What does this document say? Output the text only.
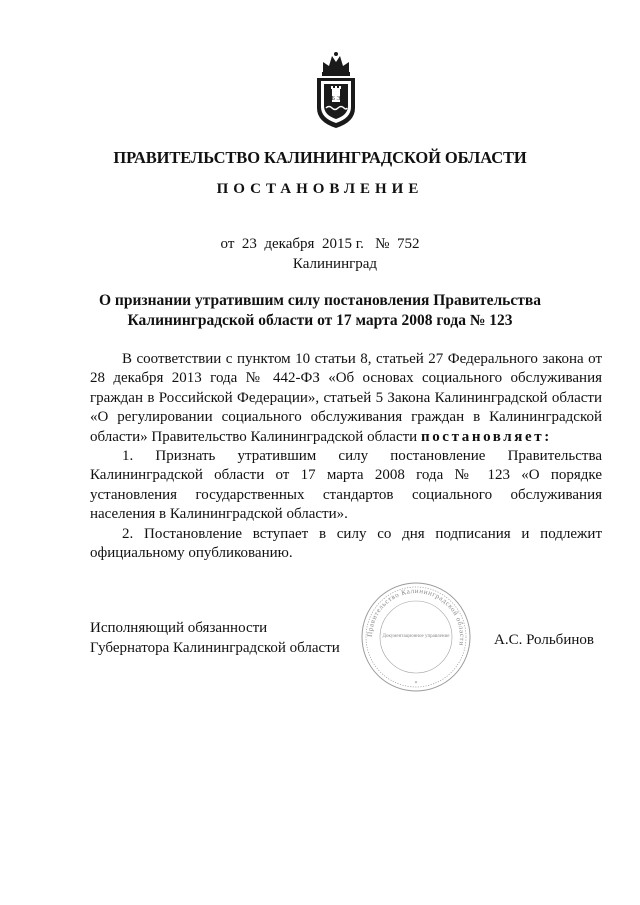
Б Э
ПРАВИТЕЛЬСТВО КАЛИНИНГРАДСКОЙ ОБЛАСТИ
ПОСТАНОВЛЕНИЕ
от 23 декабря 2015 г. № 752
Калининград
О признании утратившим силу постановления Правительства
Калининградской области от 17 марта 2008 года № 123

В соответствии с пунктом 10 статьи 8, статьей 27 Федерального закона от 28 декабря 2013 года № 442-ФЗ «Об основах социального обслуживания граждан в Российской Федерации», статьей 5 Закона Калининградской области «О регулировании социального обслуживания граждан в Калининградской области» Правительство Калининградской области постановляет:

1. Признать утратившим силу постановление Правительства Калининградской области от 17 марта 2008 года № 123 «О порядке установления государственных стандартов социального обслуживания населения в Калининградской области».

2. Постановление вступает в силу со дня подписания и подлежит официальному опубликованию.

Исполняющий обязанности
Губернатора Калининградской области
Правительство Калининградской области
Документационное управление
*
А.С. Рольбинов
